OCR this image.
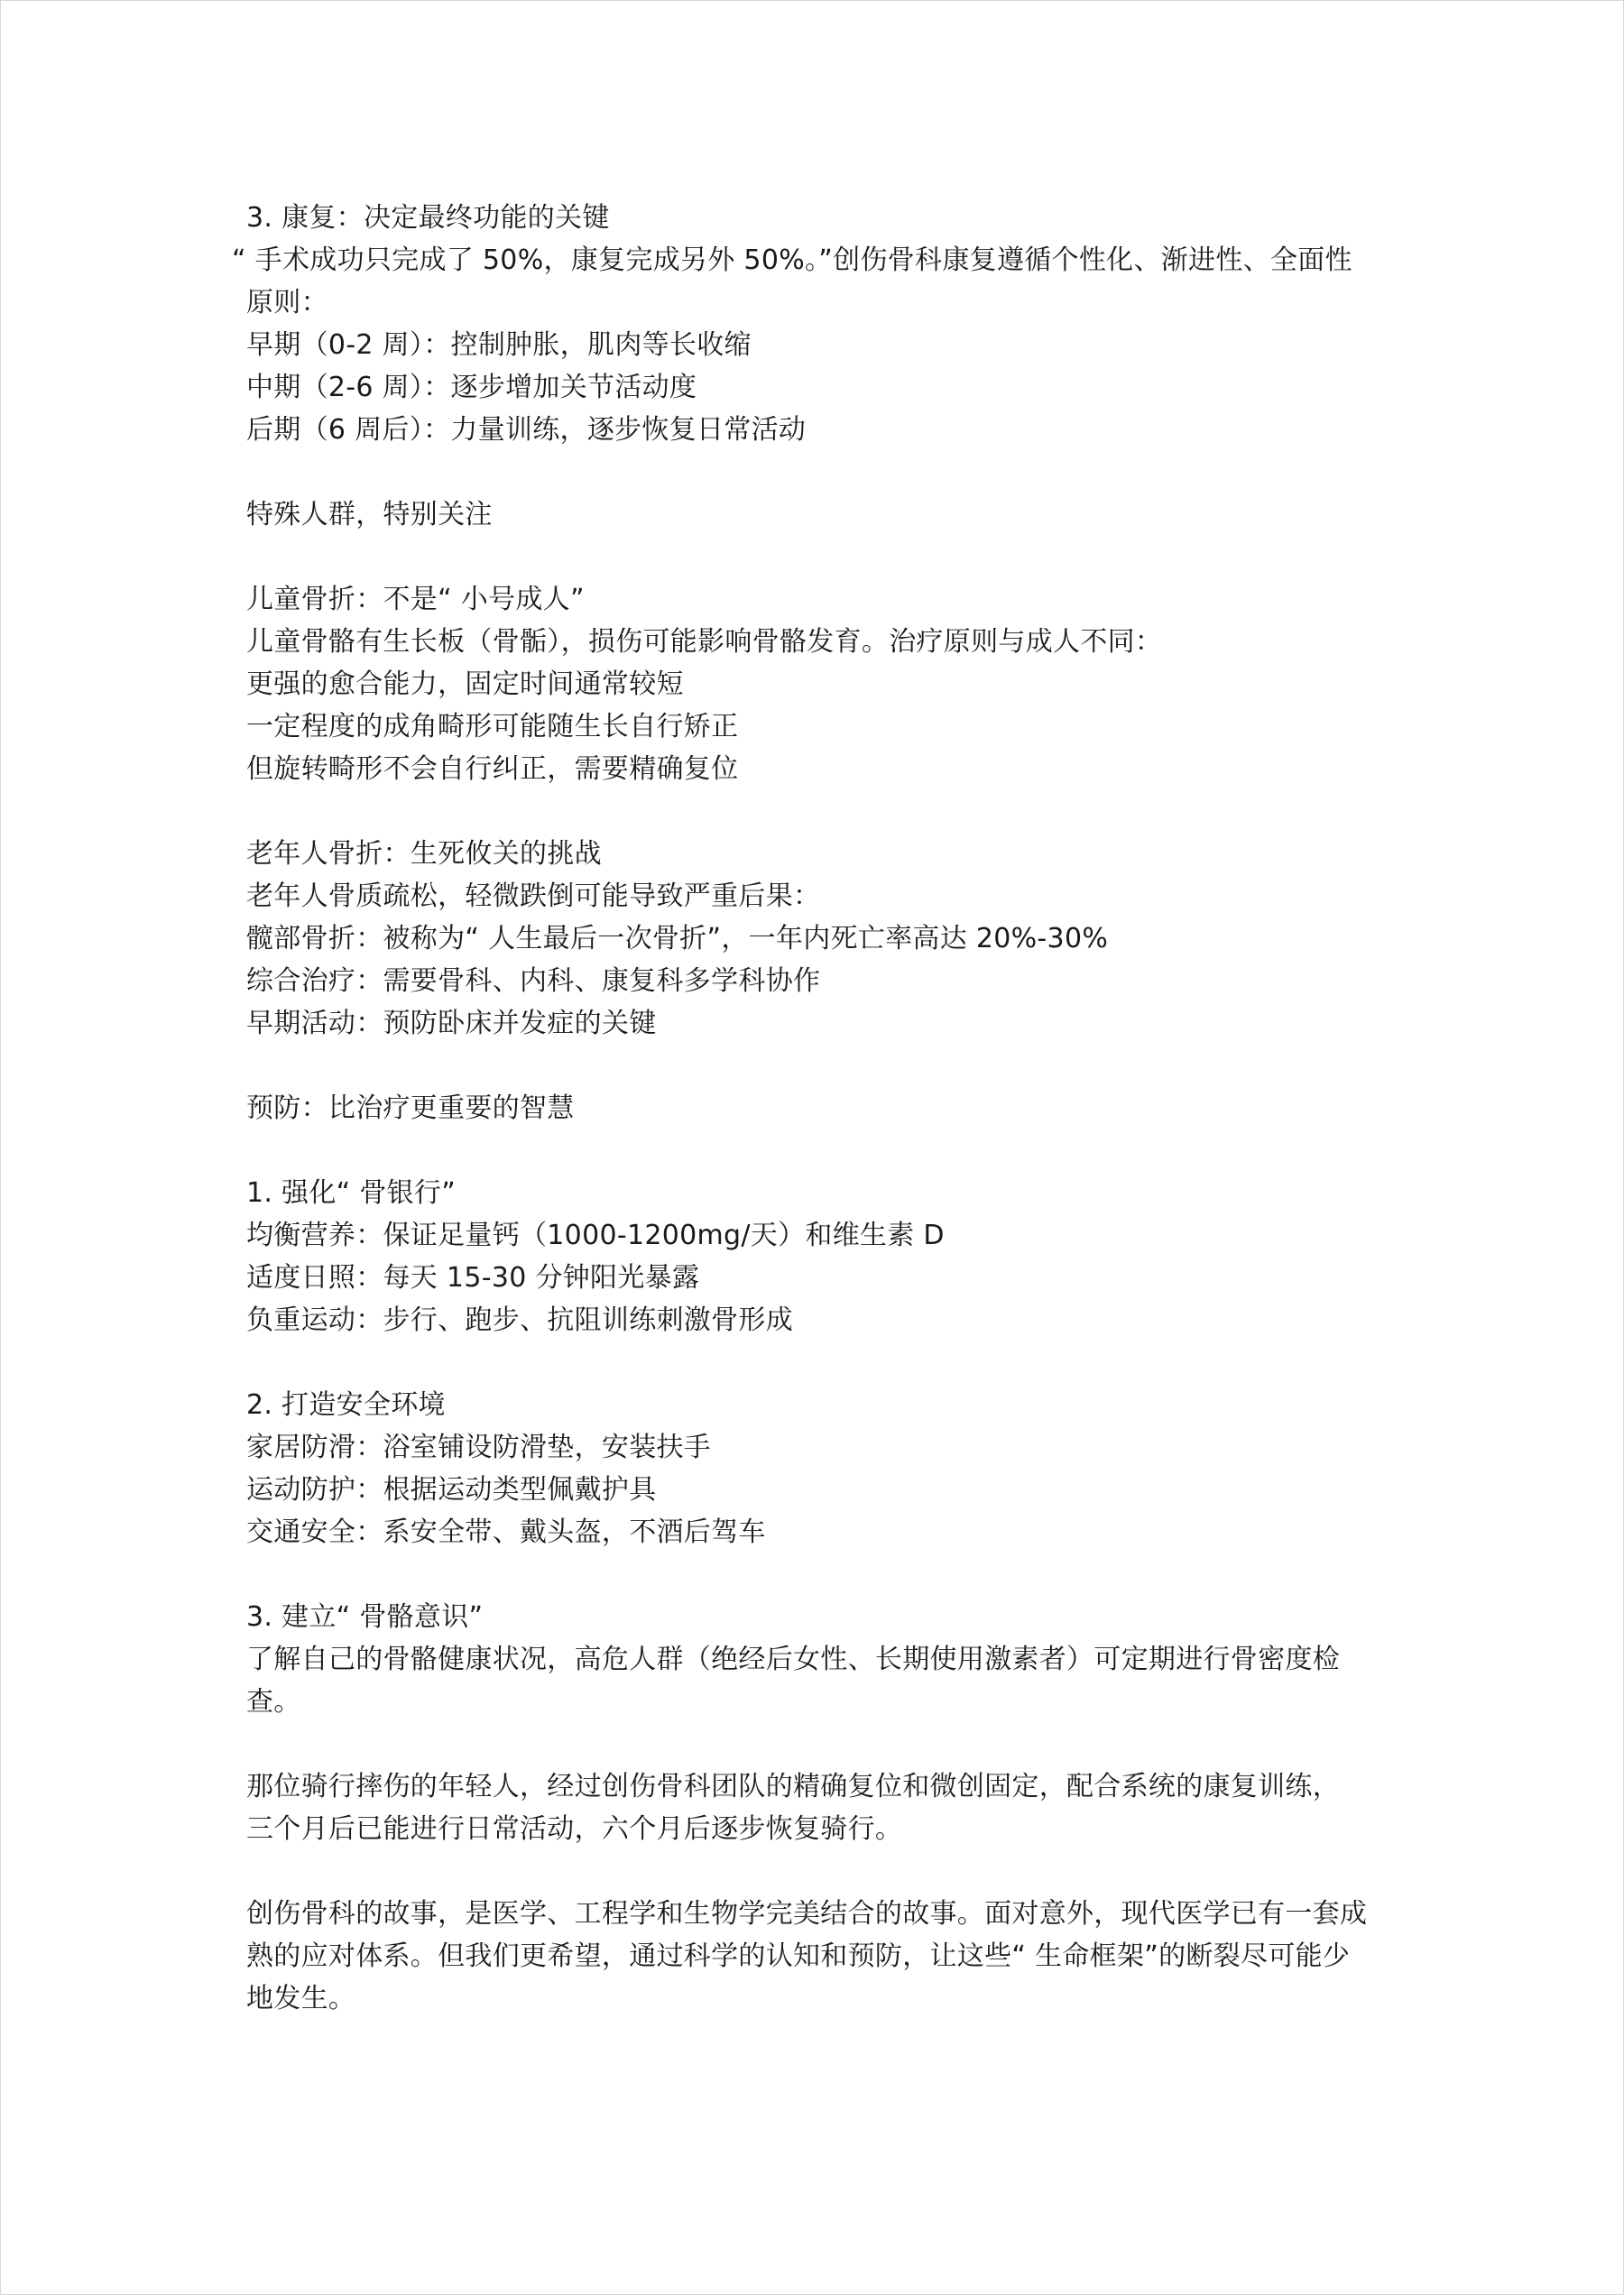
3. 康复：决定最终功能的关键
“ 手术成功只完成了 50%，康复完成另外 50%。”创伤骨科康复遵循个性化、渐进性、全面性
原则：
早期（0-2 周）：控制肿胀，肌肉等长收缩
中期（2-6 周）：逐步增加关节活动度
后期（6 周后）：力量训练，逐步恢复日常活动
特殊人群，特别关注
儿童骨折：不是“ 小号成人”
儿童骨骼有生长板（骨骺），损伤可能影响骨骼发育。治疗原则与成人不同：
更强的愈合能力，固定时间通常较短
一定程度的成角畸形可能随生长自行矫正
但旋转畸形不会自行纠正，需要精确复位
老年人骨折：生死攸关的挑战
老年人骨质疏松，轻微跌倒可能导致严重后果：
髋部骨折：被称为“ 人生最后一次骨折”，一年内死亡率高达 20%-30%
综合治疗：需要骨科、内科、康复科多学科协作
早期活动：预防卧床并发症的关键
预防：比治疗更重要的智慧
1. 强化“ 骨银行”
均衡营养：保证足量钙（1000-1200mg/天）和维生素 D
适度日照：每天 15-30 分钟阳光暴露
负重运动：步行、跑步、抗阻训练刺激骨形成
2. 打造安全环境
家居防滑：浴室铺设防滑垫，安装扶手
运动防护：根据运动类型佩戴护具
交通安全：系安全带、戴头盔，不酒后驾车
3. 建立“ 骨骼意识”
了解自己的骨骼健康状况，高危人群（绝经后女性、长期使用激素者）可定期进行骨密度检
查。
那位骑行摔伤的年轻人，经过创伤骨科团队的精确复位和微创固定，配合系统的康复训练，
三个月后已能进行日常活动，六个月后逐步恢复骑行。
创伤骨科的故事，是医学、工程学和生物学完美结合的故事。面对意外，现代医学已有一套成
熟的应对体系。但我们更希望，通过科学的认知和预防，让这些“ 生命框架”的断裂尽可能少
地发生。
